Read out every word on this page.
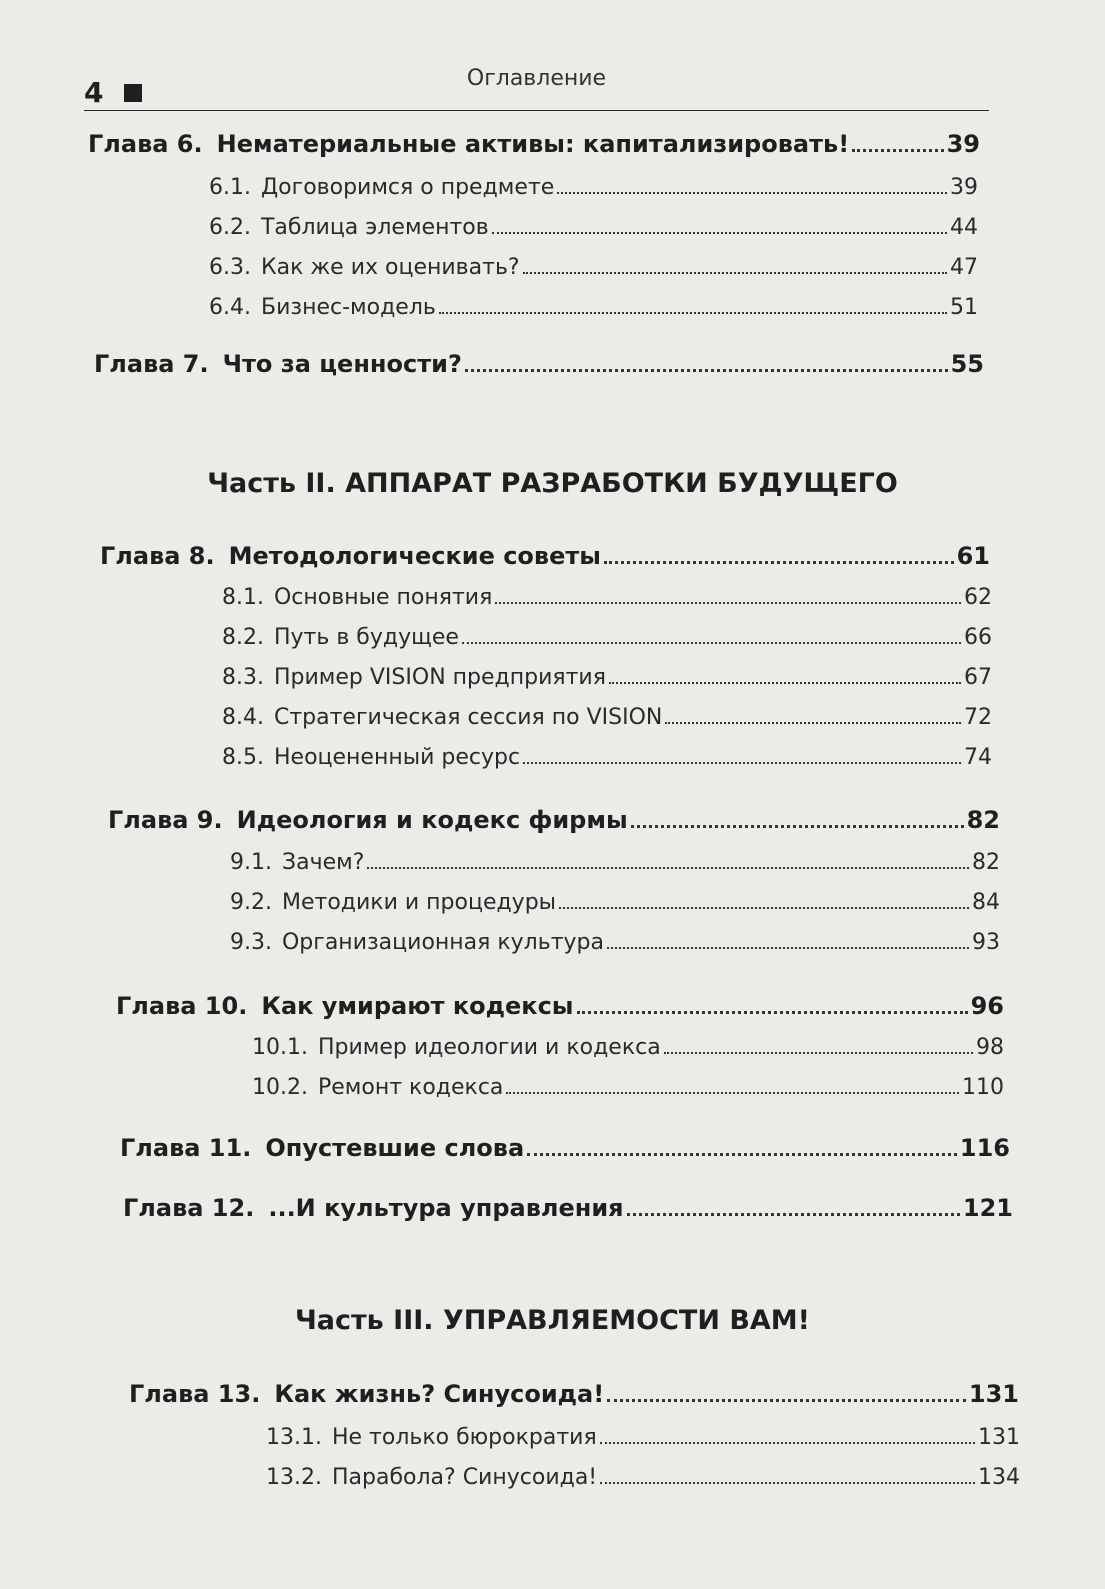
4	Оглавление
Глава 6. Нематериальные активы: капитализировать!	39
6.1. Договоримся о предмете	39
6.2. Таблица элементов	44
6.3. Как же их оценивать?	47
6.4. Бизнес-модель	51
Глава 7. Что за ценности?	55
Часть II. АППАРАТ РАЗРАБОТКИ БУДУЩЕГО
Глава 8. Методологические советы	61
8.1. Основные понятия	62
8.2. Путь в будущее	66
8.3. Пример VISION предприятия	67
8.4. Стратегическая сессия по VISION	72
8.5. Неоцененный ресурс	74
Глава 9. Идеология и кодекс фирмы	82
9.1. Зачем?	82
9.2. Методики и процедуры	84
9.3. Организационная культура	93
Глава 10. Как умирают кодексы	96
10.1. Пример идеологии и кодекса	98
10.2. Ремонт кодекса	110
Глава 11. Опустевшие слова	116
Глава 12. ...И культура управления	121
Часть III. УПРАВЛЯЕМОСТИ ВАМ!
Глава 13. Как жизнь? Синусоида!	131
13.1. Не только бюрократия	131
13.2. Парабола? Синусоида!	134
